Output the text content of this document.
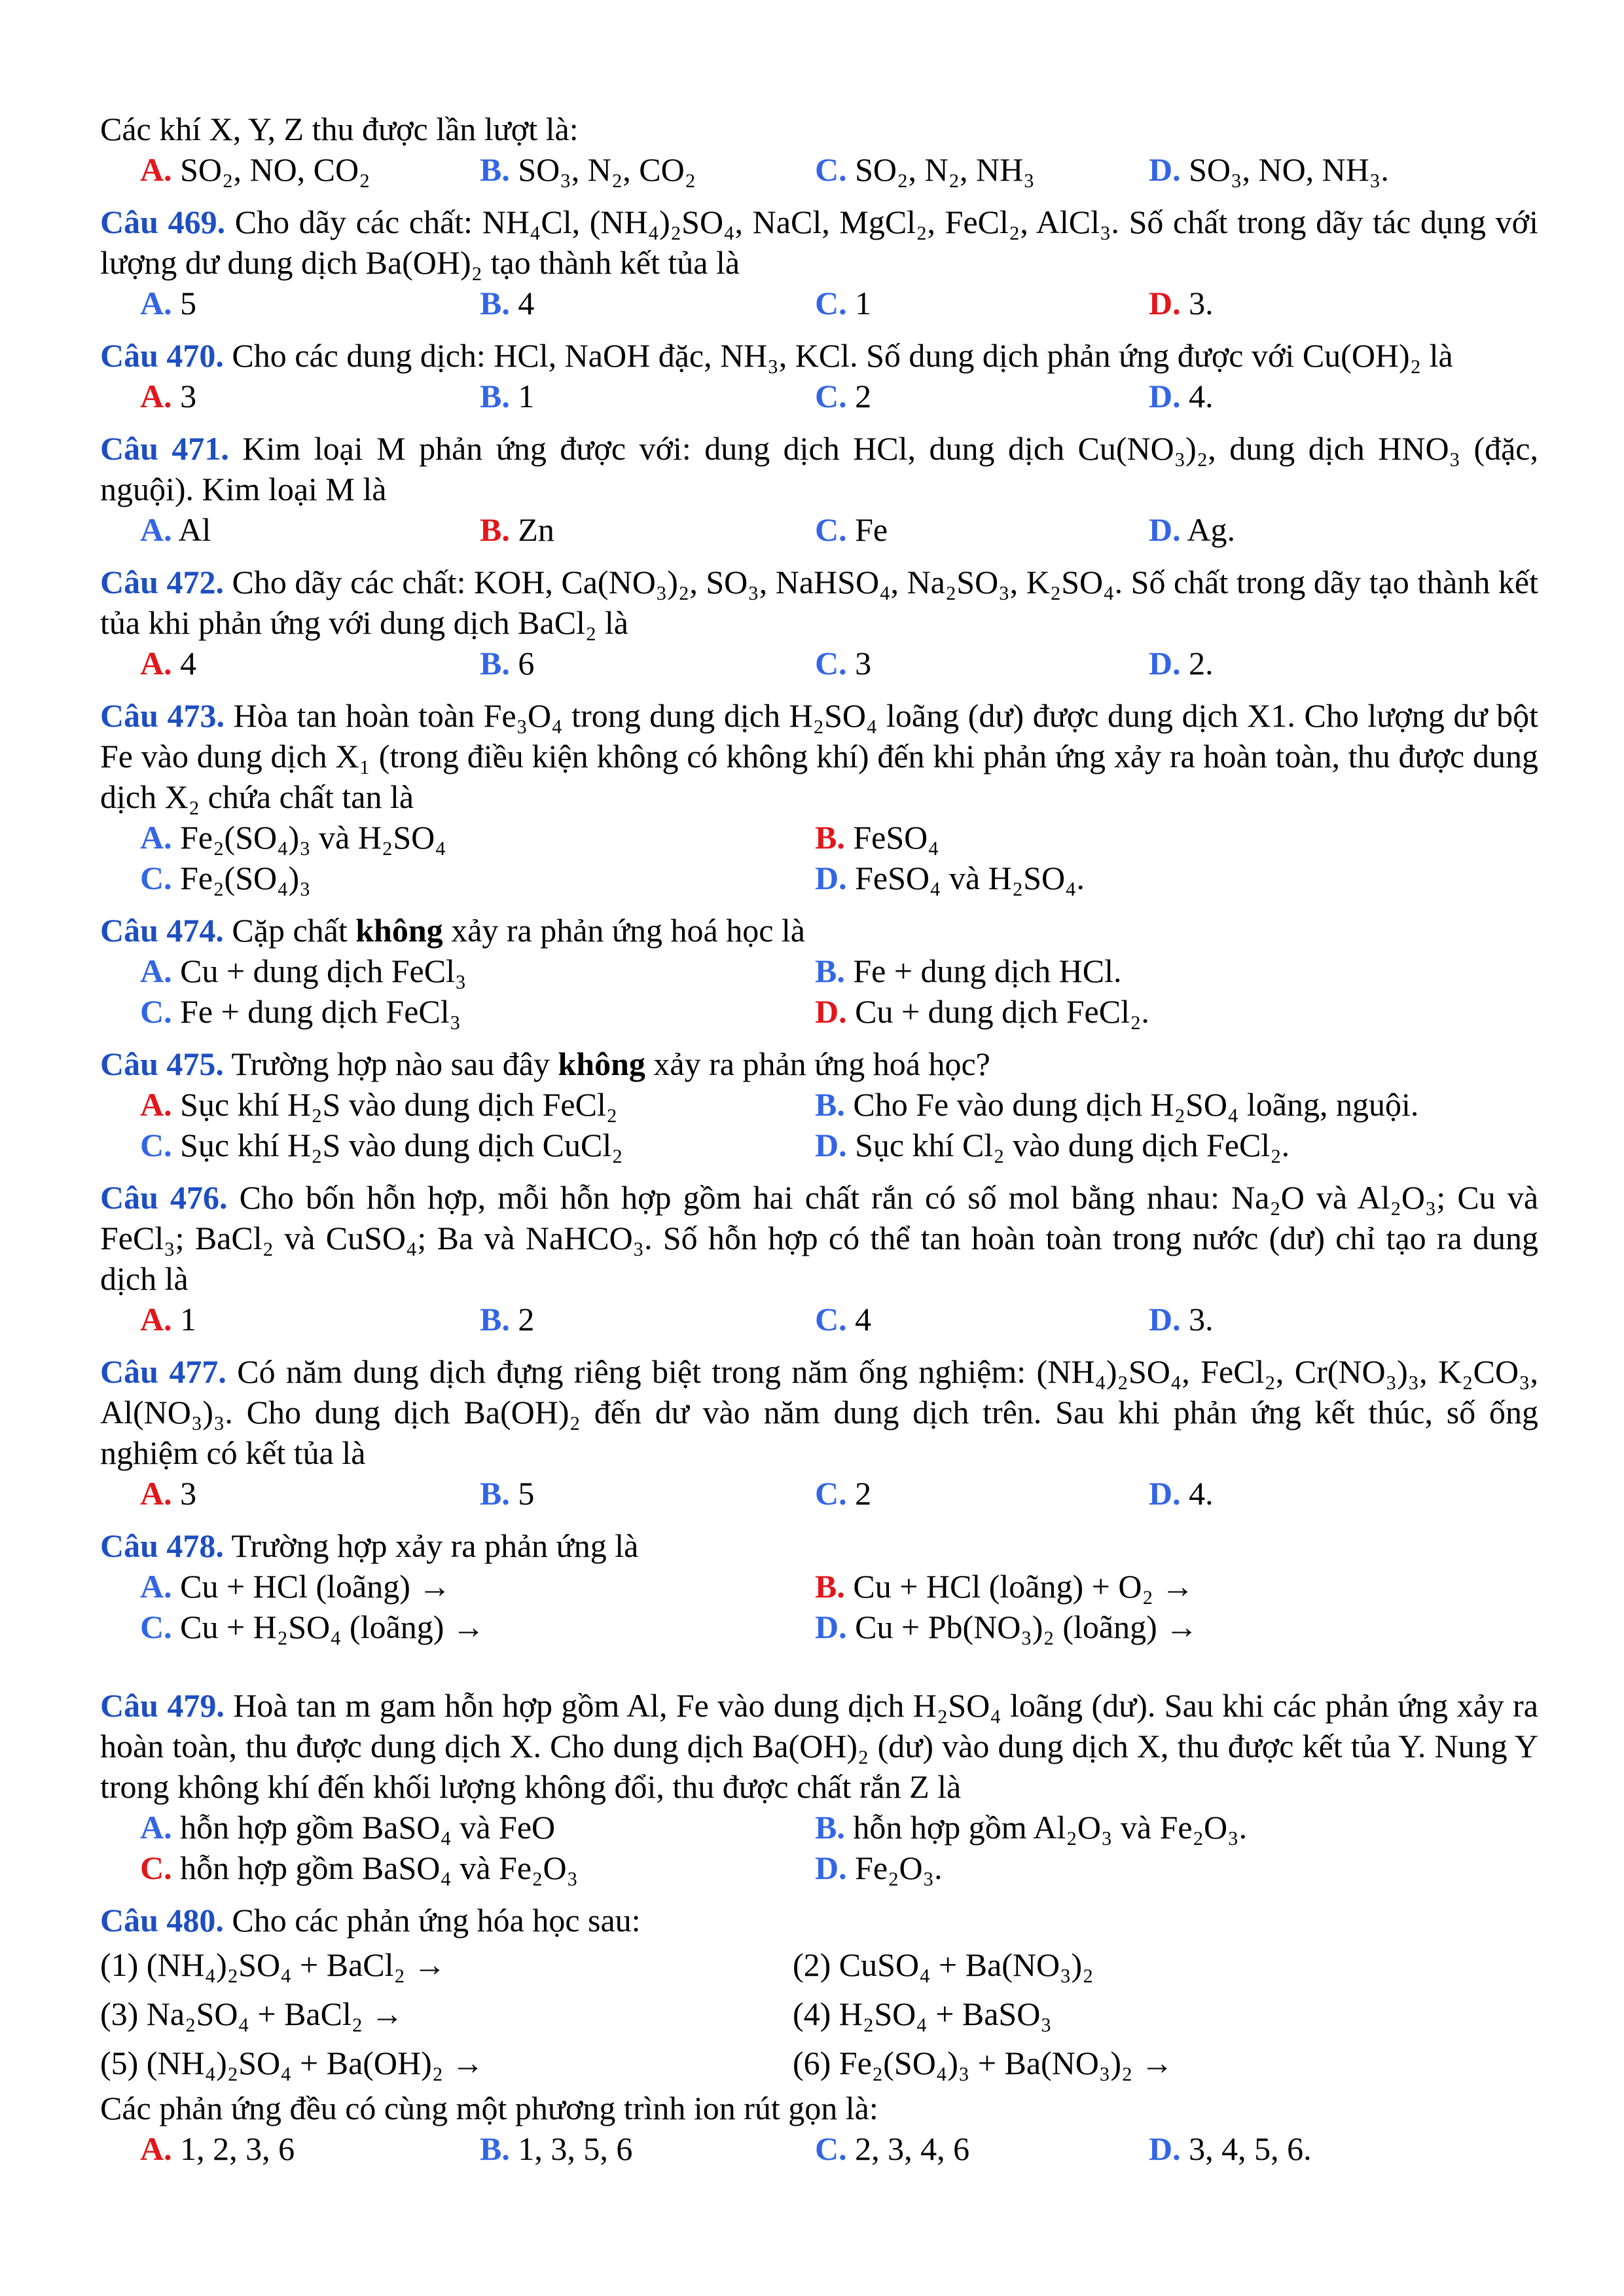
Các khí X, Y, Z thu được lần lượt là:

A. SO₂, NO, CO₂	B. SO₃, N₂, CO₂	C. SO₂, N₂, NH₃	D. SO₃, NO, NH₃.

Câu 469. Cho dãy các chất: NH₄Cl, (NH₄)₂SO₄, NaCl, MgCl₂, FeCl₂, AlCl₃. Số chất trong dãy tác dụng với lượng dư dung dịch Ba(OH)₂ tạo thành kết tủa là

A. 5	B. 4	C. 1	D. 3.

Câu 470. Cho các dung dịch: HCl, NaOH đặc, NH₃, KCl. Số dung dịch phản ứng được với Cu(OH)₂ là

A. 3	B. 1	C. 2	D. 4.

Câu 471. Kim loại M phản ứng được với: dung dịch HCl, dung dịch Cu(NO₃)₂, dung dịch HNO₃ (đặc, nguội). Kim loại M là

A. Al	B. Zn	C. Fe	D. Ag.

Câu 472. Cho dãy các chất: KOH, Ca(NO₃)₂, SO₃, NaHSO₄, Na₂SO₃, K₂SO₄. Số chất trong dãy tạo thành kết tủa khi phản ứng với dung dịch BaCl₂ là

A. 4	B. 6	C. 3	D. 2.

Câu 473. Hòa tan hoàn toàn Fe₃O₄ trong dung dịch H₂SO₄ loãng (dư) được dung dịch X1. Cho lượng dư bột Fe vào dung dịch X₁ (trong điều kiện không có không khí) đến khi phản ứng xảy ra hoàn toàn, thu được dung dịch X₂ chứa chất tan là

A. Fe₂(SO₄)₃ và H₂SO₄	B. FeSO₄
C. Fe₂(SO₄)₃	D. FeSO₄ và H₂SO₄.

Câu 474. Cặp chất không xảy ra phản ứng hoá học là

A. Cu + dung dịch FeCl₃	B. Fe + dung dịch HCl.
C. Fe + dung dịch FeCl₃	D. Cu + dung dịch FeCl₂.

Câu 475. Trường hợp nào sau đây không xảy ra phản ứng hoá học?

A. Sục khí H₂S vào dung dịch FeCl₂	B. Cho Fe vào dung dịch H₂SO₄ loãng, nguội.
C. Sục khí H₂S vào dung dịch CuCl₂	D. Sục khí Cl₂ vào dung dịch FeCl₂.

Câu 476. Cho bốn hỗn hợp, mỗi hỗn hợp gồm hai chất rắn có số mol bằng nhau: Na₂O và Al₂O₃; Cu và FeCl₃; BaCl₂ và CuSO₄; Ba và NaHCO₃. Số hỗn hợp có thể tan hoàn toàn trong nước (dư) chỉ tạo ra dung dịch là

A. 1	B. 2	C. 4	D. 3.

Câu 477. Có năm dung dịch đựng riêng biệt trong năm ống nghiệm: (NH₄)₂SO₄, FeCl₂, Cr(NO₃)₃, K₂CO₃, Al(NO₃)₃. Cho dung dịch Ba(OH)₂ đến dư vào năm dung dịch trên. Sau khi phản ứng kết thúc, số ống nghiệm có kết tủa là

A. 3	B. 5	C. 2	D. 4.

Câu 478. Trường hợp xảy ra phản ứng là

A. Cu + HCl (loãng) →	B. Cu + HCl (loãng) + O₂ →
C. Cu + H₂SO₄ (loãng) →	D. Cu + Pb(NO₃)₂ (loãng) →

Câu 479. Hoà tan m gam hỗn hợp gồm Al, Fe vào dung dịch H₂SO₄ loãng (dư). Sau khi các phản ứng xảy ra hoàn toàn, thu được dung dịch X. Cho dung dịch Ba(OH)₂ (dư) vào dung dịch X, thu được kết tủa Y. Nung Y trong không khí đến khối lượng không đổi, thu được chất rắn Z là

A. hỗn hợp gồm BaSO₄ và FeO	B. hỗn hợp gồm Al₂O₃ và Fe₂O₃.
C. hỗn hợp gồm BaSO₄ và Fe₂O₃	D. Fe₂O₃.

Câu 480. Cho các phản ứng hóa học sau:

(1) (NH₄)₂SO₄ + BaCl₂ →	(2) CuSO₄ + Ba(NO₃)₂
(3) Na₂SO₄ + BaCl₂ →	(4) H₂SO₄ + BaSO₃
(5) (NH₄)₂SO₄ + Ba(OH)₂ →	(6) Fe₂(SO₄)₃ + Ba(NO₃)₂ →

Các phản ứng đều có cùng một phương trình ion rút gọn là:

A. 1, 2, 3, 6	B. 1, 3, 5, 6	C. 2, 3, 4, 6	D. 3, 4, 5, 6.
